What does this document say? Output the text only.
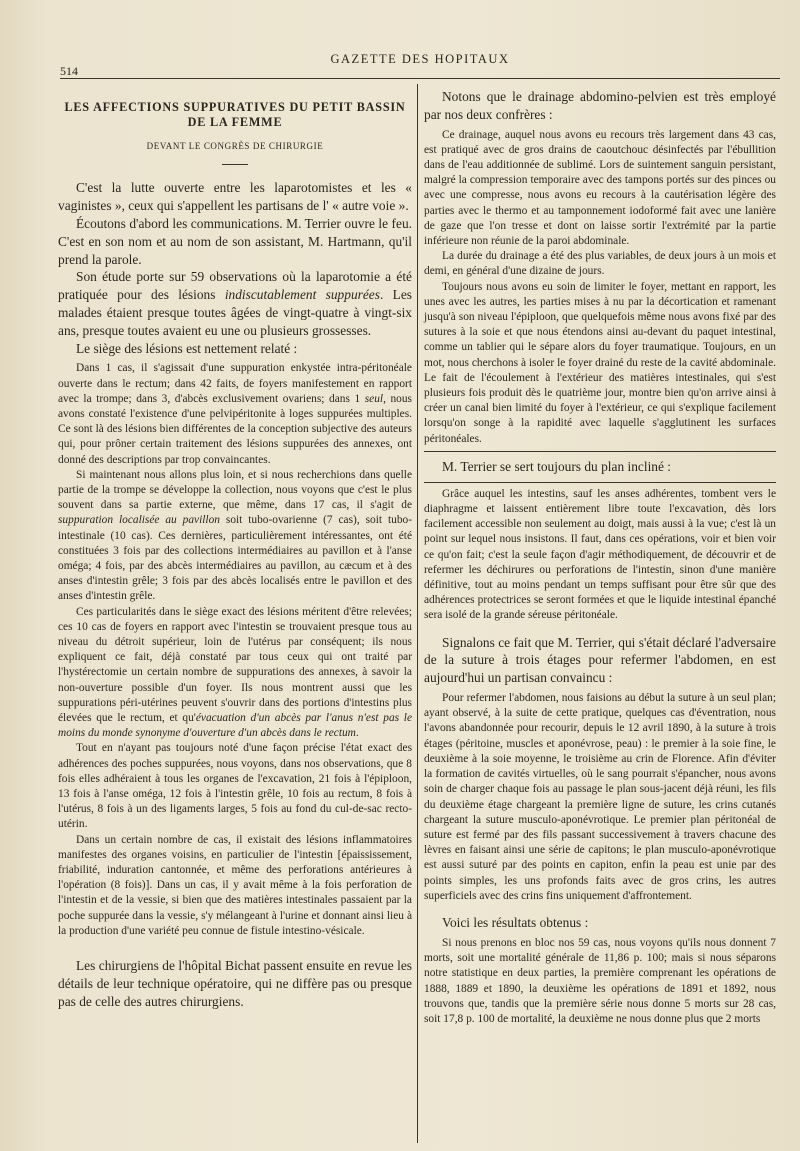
514
GAZETTE DES HOPITAUX
LES AFFECTIONS SUPPURATIVES DU PETIT BASSIN
DE LA FEMME
DEVANT LE CONGRÈS DE CHIRURGIE

C'est la lutte ouverte entre les laparotomistes et les « vaginistes », ceux qui s'appellent les partisans de l' « autre voie ».

Écoutons d'abord les communications. M. Terrier ouvre le feu. C'est en son nom et au nom de son assistant, M. Hartmann, qu'il prend la parole.

Son étude porte sur 59 observations où la laparotomie a été pratiquée pour des lésions indiscutablement suppurées. Les malades étaient presque toutes âgées de vingt-quatre à vingt-six ans, presque toutes avaient eu une ou plusieurs grossesses.

Le siège des lésions est nettement relaté :

Dans 1 cas, il s'agissait d'une suppuration enkystée intra-péritonéale ouverte dans le rectum; dans 42 faits, de foyers manifestement en rapport avec la trompe; dans 3, d'abcès exclusivement ovariens; dans 1 seul, nous avons constaté l'existence d'une pelvipéritonite à loges suppurées multiples. Ce sont là des lésions bien différentes de la conception subjective des auteurs qui, pour prôner certain traitement des lésions suppurées des annexes, ont donné des descriptions par trop convaincantes.

Si maintenant nous allons plus loin, et si nous recherchions dans quelle partie de la trompe se développe la collection, nous voyons que c'est le plus souvent dans sa partie externe, que même, dans 17 cas, il s'agit de suppuration localisée au pavillon soit tubo-ovarienne (7 cas), soit tubo-intestinale (10 cas). Ces dernières, particulièrement intéressantes, ont été constituées 3 fois par des collections intermédiaires au pavillon et à l'anse oméga; 4 fois, par des abcès intermédiaires au pavillon, au cæcum et à des anses d'intestin grêle; 3 fois par des abcès localisés entre le pavillon et des anses d'intestin grêle.

Ces particularités dans le siège exact des lésions méritent d'être relevées; ces 10 cas de foyers en rapport avec l'intestin se trouvaient presque tous au niveau du détroit supérieur, loin de l'utérus par conséquent; ils nous expliquent ce fait, déjà constaté par tous ceux qui ont traité par l'hystérectomie un certain nombre de suppurations des annexes, à savoir la non-ouverture possible d'un foyer. Ils nous montrent aussi que les suppurations péri-utérines peuvent s'ouvrir dans des portions d'intestins plus élevées que le rectum, et qu'évacuation d'un abcès par l'anus n'est pas le moins du monde synonyme d'ouverture d'un abcès dans le rectum.

Tout en n'ayant pas toujours noté d'une façon précise l'état exact des adhérences des poches suppurées, nous voyons, dans nos observations, que 8 fois elles adhéraient à tous les organes de l'excavation, 21 fois à l'épiploon, 13 fois à l'anse oméga, 12 fois à l'intestin grêle, 10 fois au rectum, 8 fois à l'utérus, 8 fois à un des ligaments larges, 5 fois au fond du cul-de-sac recto-utérin.

Dans un certain nombre de cas, il existait des lésions inflammatoires manifestes des organes voisins, en particulier de l'intestin [épaississement, friabilité, induration cantonnée, et même des perforations antérieures à l'opération (8 fois)]. Dans un cas, il y avait même à la fois perforation de l'intestin et de la vessie, si bien que des matières intestinales passaient par la poche suppurée dans la vessie, s'y mélangeant à l'urine et donnant ainsi lieu à la production d'une variété peu connue de fistule intestino-vésicale.

Les chirurgiens de l'hôpital Bichat passent ensuite en revue les détails de leur technique opératoire, qui ne diffère pas ou presque pas de celle des autres chirurgiens.

Notons que le drainage abdomino-pelvien est très employé par nos deux confrères :

Ce drainage, auquel nous avons eu recours très largement dans 43 cas, est pratiqué avec de gros drains de caoutchouc désinfectés par l'ébullition dans de l'eau additionnée de sublimé. Lors de suintement sanguin persistant, malgré la compression temporaire avec des tampons portés sur des pinces ou avec une compresse, nous avons eu recours à la cautérisation légère des parties avec le thermo et au tamponnement iodoformé fait avec une lanière de gaze que l'on tresse et dont on laisse sortir l'extrémité par la partie inférieure non réunie de la paroi abdominale.

La durée du drainage a été des plus variables, de deux jours à un mois et demi, en général d'une dizaine de jours.

Toujours nous avons eu soin de limiter le foyer, mettant en rapport, les unes avec les autres, les parties mises à nu par la décortication et ramenant jusqu'à son niveau l'épiploon, que quelquefois même nous avons fixé par des sutures à la soie et que nous étendons ainsi au-devant du paquet intestinal, comme un tablier qui le sépare alors du foyer traumatique. Toujours, en un mot, nous cherchons à isoler le foyer drainé du reste de la cavité abdominale. Le fait de l'écoulement à l'extérieur des matières intestinales, qui s'est plusieurs fois produit dès le quatrième jour, montre bien qu'on arrive ainsi à créer un canal bien limité du foyer à l'extérieur, ce qui s'explique facilement lorsqu'on songe à la rapidité avec laquelle s'agglutinent les surfaces péritonéales.

M. Terrier se sert toujours du plan incliné :

Grâce auquel les intestins, sauf les anses adhérentes, tombent vers le diaphragme et laissent entièrement libre toute l'excavation, dès lors facilement accessible non seulement au doigt, mais aussi à la vue; c'est là un point sur lequel nous insistons. Il faut, dans ces opérations, voir et bien voir ce qu'on fait; c'est la seule façon d'agir méthodiquement, de découvrir et de refermer les déchirures ou perforations de l'intestin, sinon d'une manière définitive, tout au moins pendant un temps suffisant pour être sûr que des adhérences protectrices se seront formées et que le liquide intestinal épanché sera isolé de la grande séreuse péritonéale.

Signalons ce fait que M. Terrier, qui s'était déclaré l'adversaire de la suture à trois étages pour refermer l'abdomen, en est aujourd'hui un partisan convaincu :

Pour refermer l'abdomen, nous faisions au début la suture à un seul plan; ayant observé, à la suite de cette pratique, quelques cas d'éventration, nous l'avons abandonnée pour recourir, depuis le 12 avril 1890, à la suture à trois étages (péritoine, muscles et aponévrose, peau) : le premier à la soie fine, le deuxième à la soie moyenne, le troisième au crin de Florence. Afin d'éviter la formation de cavités virtuelles, où le sang pourrait s'épancher, nous avons soin de charger chaque fois au passage le plan sous-jacent déjà réuni, les fils du deuxième étage chargeant la première ligne de suture, les crins cutanés chargeant la suture musculo-aponévrotique. Le premier plan péritonéal de suture est fermé par des fils passant successivement à travers chacune des lèvres en faisant ainsi une série de capitons; le plan musculo-aponévrotique est aussi suturé par des points en capiton, enfin la peau est unie par des points simples, les uns profonds faits avec de gros crins, les autres superficiels avec des crins fins uniquement d'affrontement.

Voici les résultats obtenus :

Si nous prenons en bloc nos 59 cas, nous voyons qu'ils nous donnent 7 morts, soit une mortalité générale de 11,86 p. 100; mais si nous séparons notre statistique en deux parties, la première comprenant les opérations de 1888, 1889 et 1890, la deuxième les opérations de 1891 et 1892, nous trouvons que, tandis que la première série nous donne 5 morts sur 28 cas, soit 17,8 p. 100 de mortalité, la deuxième ne nous donne plus que 2 morts
